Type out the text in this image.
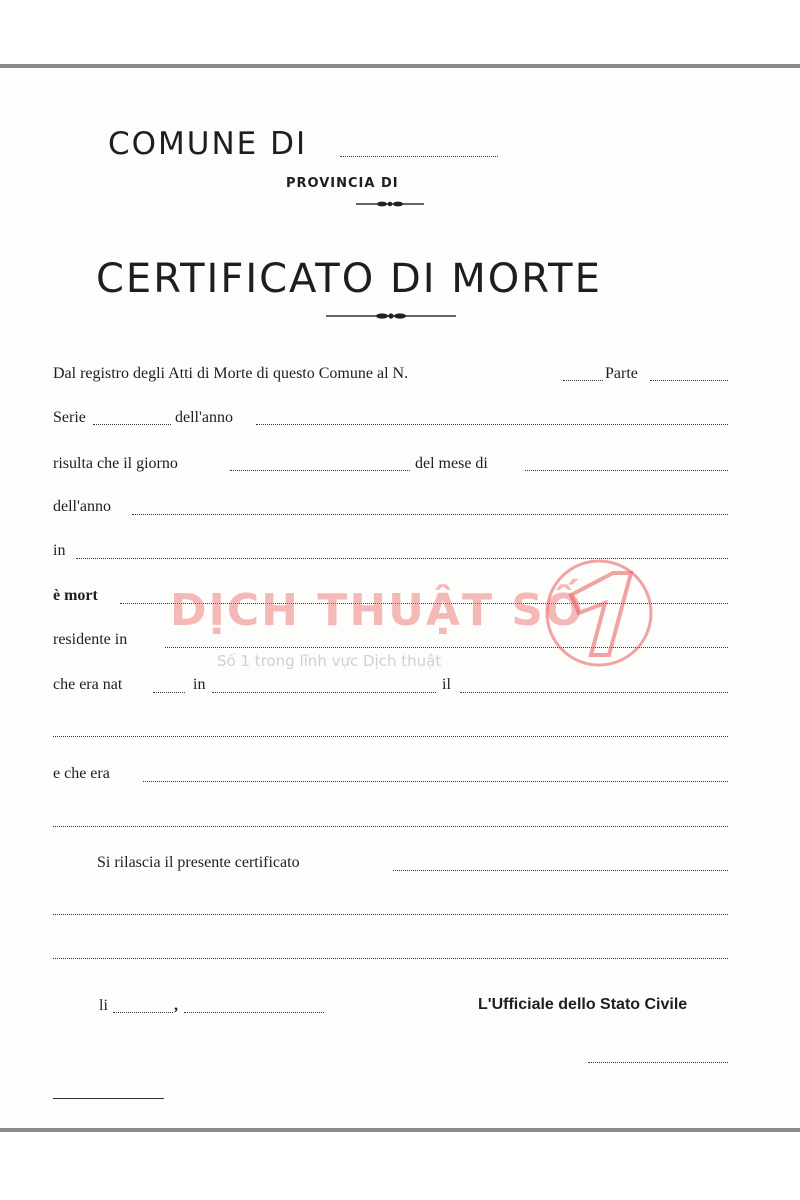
COMUNE DI
PROVINCIA DI
CERTIFICATO DI MORTE
Dal registro degli Atti di Morte di questo Comune al N.	Parte
Serie	dell'anno
risulta che il giorno	del mese di
dell'anno
in
è mort
residente in
che era nat	in	il
e che era
Si rilascia il presente certificato
li	,	L'Ufficiale dello Stato Civile
DỊCH THUẬT SỐ
Số 1 trong lĩnh vực Dịch thuật
